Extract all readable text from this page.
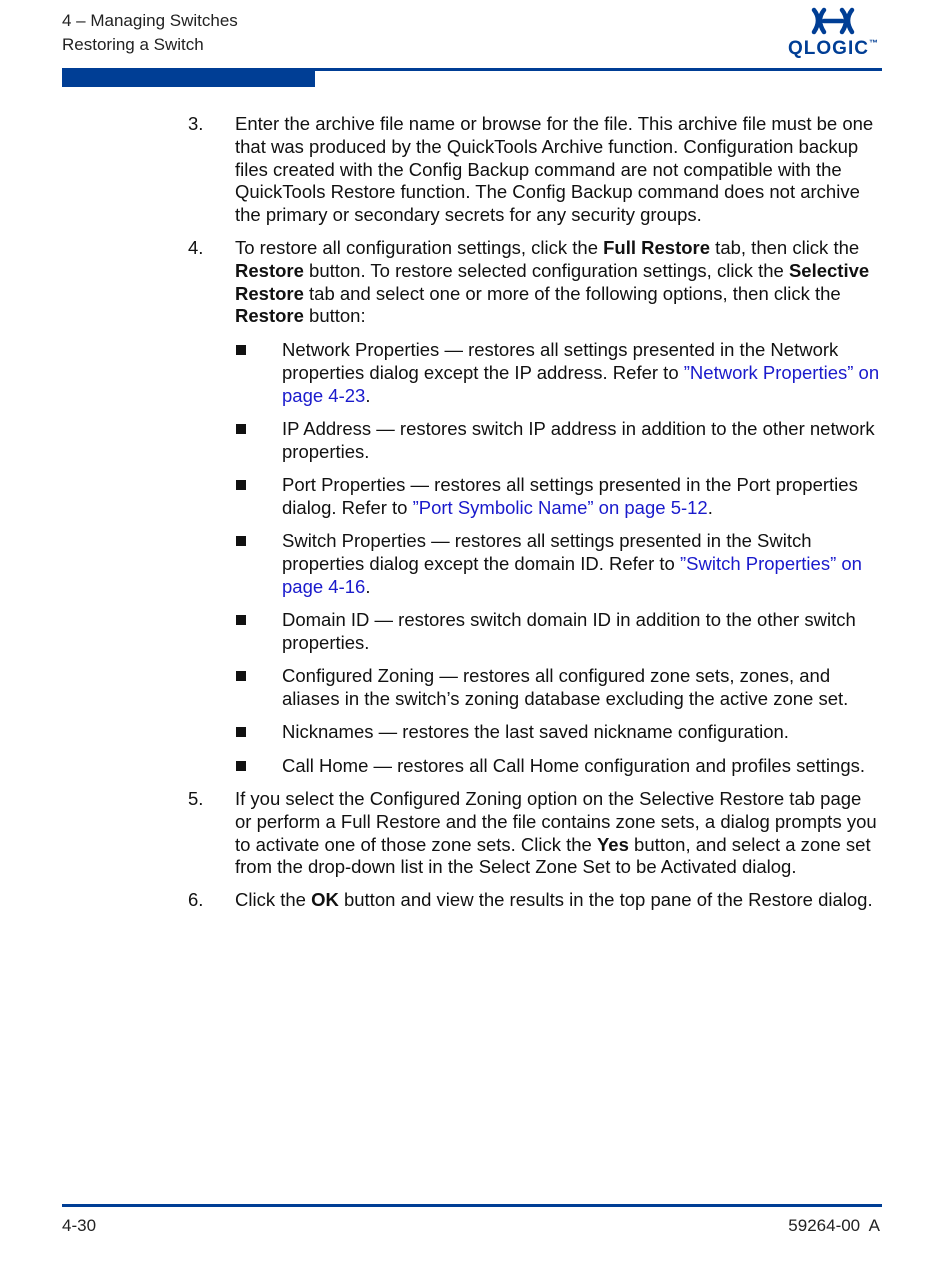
4 – Managing Switches
Restoring a Switch	QLOGIC™
3. Enter the archive file name or browse for the file. This archive file must be one that was produced by the QuickTools Archive function. Configuration backup files created with the Config Backup command are not compatible with the QuickTools Restore function. The Config Backup command does not archive the primary or secondary secrets for any security groups.
4. To restore all configuration settings, click the Full Restore tab, then click the Restore button. To restore selected configuration settings, click the Selective Restore tab and select one or more of the following options, then click the Restore button:
Network Properties — restores all settings presented in the Network properties dialog except the IP address. Refer to ”Network Properties” on page 4-23.
IP Address — restores switch IP address in addition to the other network properties.
Port Properties — restores all settings presented in the Port properties dialog. Refer to ”Port Symbolic Name” on page 5-12.
Switch Properties — restores all settings presented in the Switch properties dialog except the domain ID. Refer to ”Switch Properties” on page 4-16.
Domain ID — restores switch domain ID in addition to the other switch properties.
Configured Zoning — restores all configured zone sets, zones, and aliases in the switch’s zoning database excluding the active zone set.
Nicknames — restores the last saved nickname configuration.
Call Home — restores all Call Home configuration and profiles settings.
5. If you select the Configured Zoning option on the Selective Restore tab page or perform a Full Restore and the file contains zone sets, a dialog prompts you to activate one of those zone sets. Click the Yes button, and select a zone set from the drop-down list in the Select Zone Set to be Activated dialog.
6. Click the OK button and view the results in the top pane of the Restore dialog.
4-30	59264-00  A
